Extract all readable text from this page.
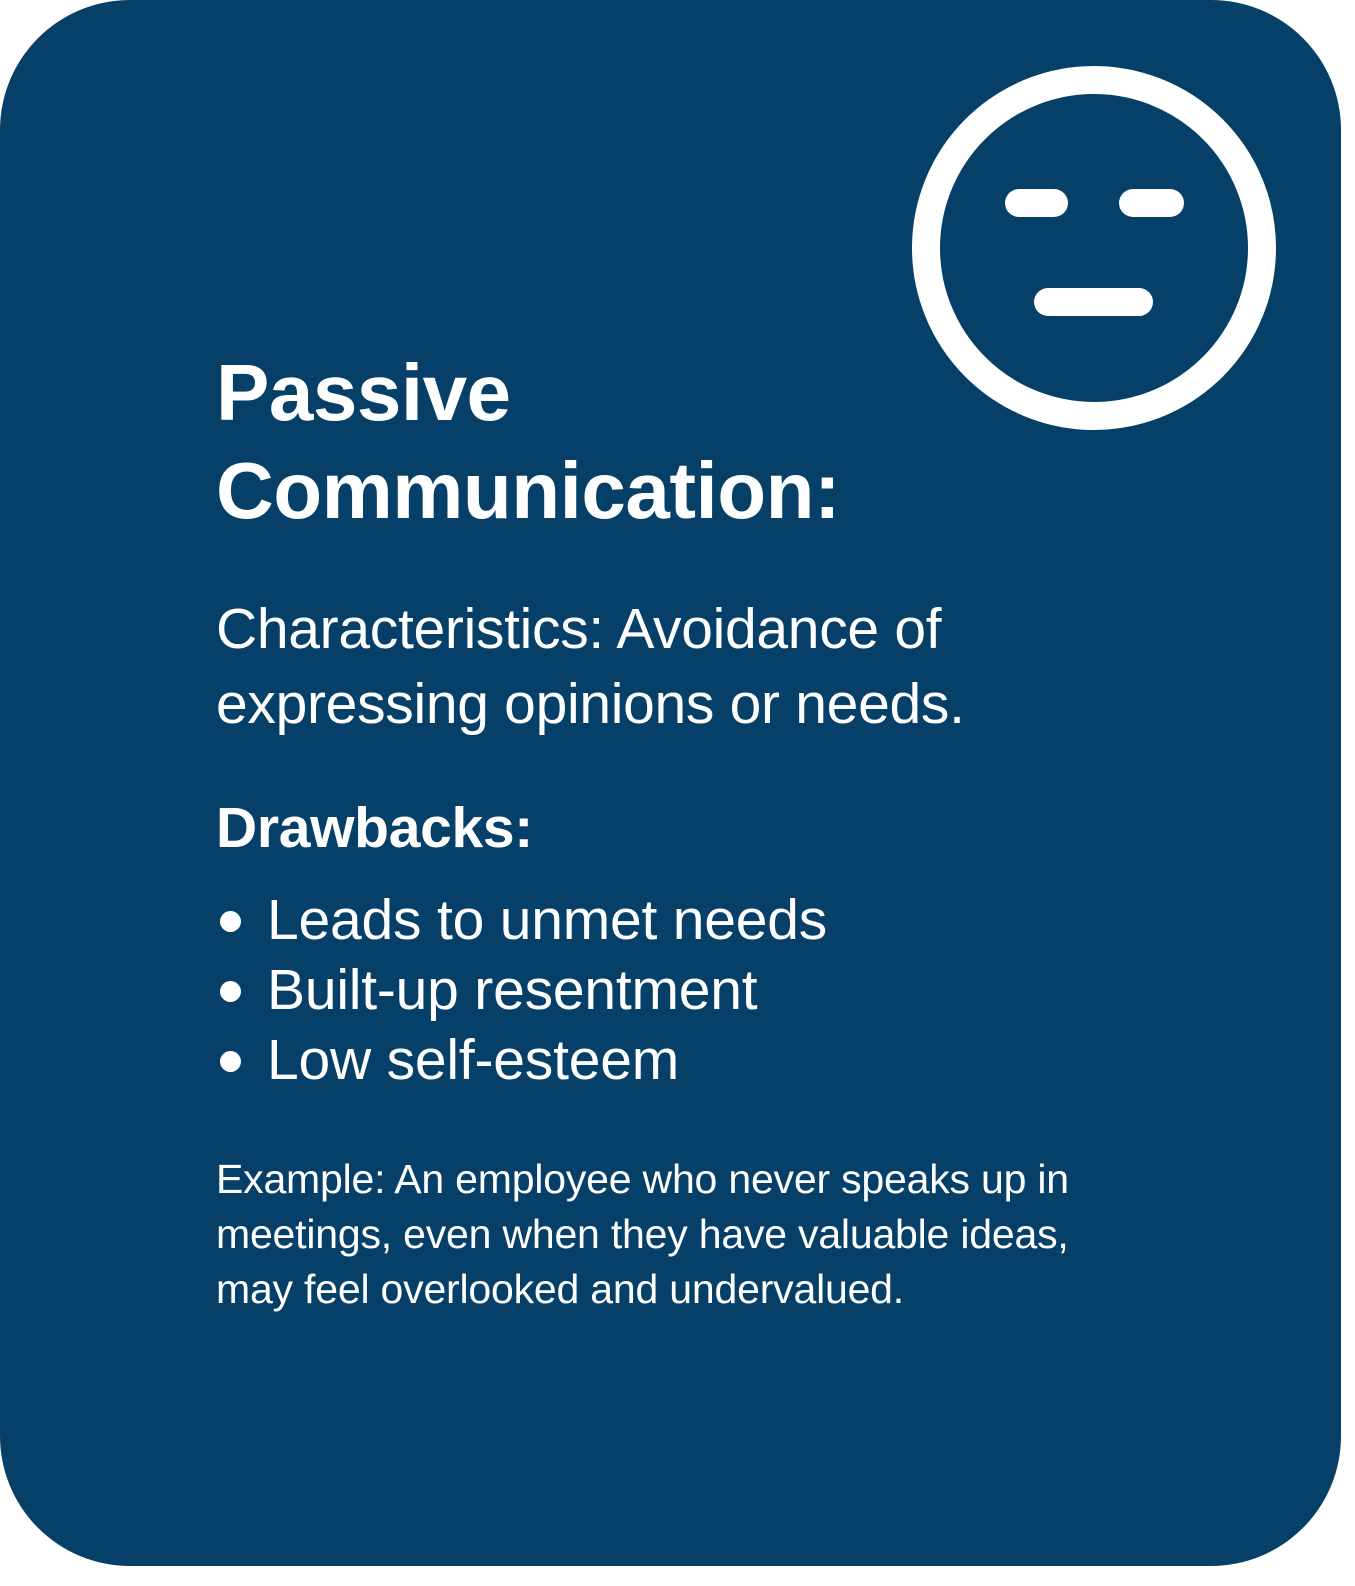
Passive
Communication:

Characteristics: Avoidance of expressing opinions or needs.

Drawbacks:
Leads to unmet needs
Built-up resentment
Low self-esteem

Example: An employee who never speaks up in meetings, even when they have valuable ideas, may feel overlooked and undervalued.
